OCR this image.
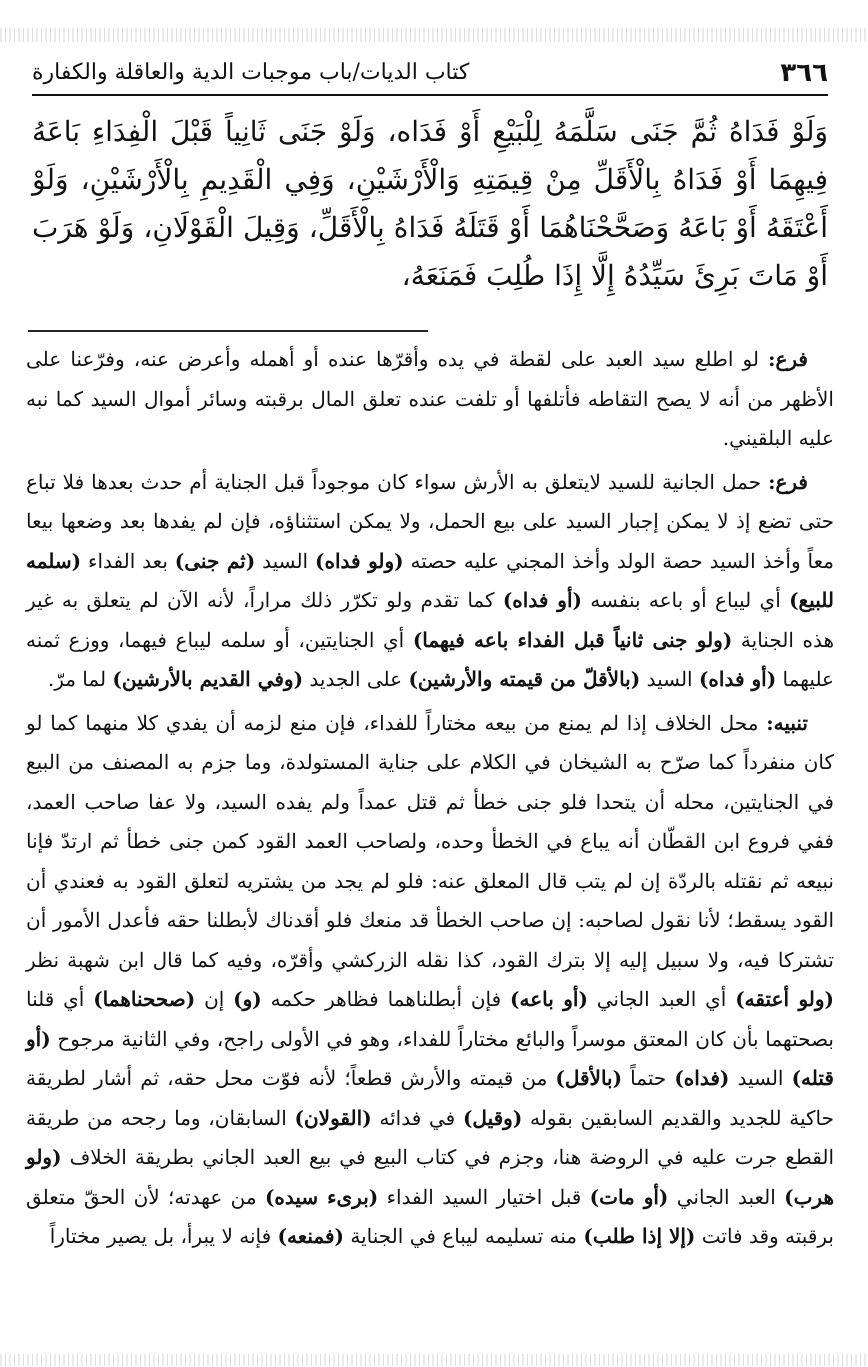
٣٦٦
كتاب الديات/باب موجبات الدية والعاقلة والكفارة
وَلَوْ فَدَاهُ ثُمَّ جَنَى سَلَّمَهُ لِلْبَيْعِ أَوْ فَدَاه، وَلَوْ جَنَى ثَانِياً قَبْلَ الْفِدَاءِ بَاعَهُ فِيهِمَا أَوْ فَدَاهُ بِالْأَقَلِّ مِنْ قِيمَتِهِ وَالْأَرْشَيْنِ، وَفِي الْقَدِيمِ بِالْأَرْشَيْنِ، وَلَوْ أَعْتَقَهُ أَوْ بَاعَهُ وَصَحَّحْنَاهُمَا أَوْ قَتَلَهُ فَدَاهُ بِالْأَقَلِّ، وَقِيلَ الْقَوْلَانِ، وَلَوْ هَرَبَ أَوْ مَاتَ بَرِئَ سَيِّدُهُ إِلَّا إِذَا طُلِبَ فَمَنَعَهُ،

فرع: لو اطلع سيد العبد على لقطة في يده وأقرّها عنده أو أهمله وأعرض عنه، وفرّعنا على الأظهر من أنه لا يصح التقاطه فأتلفها أو تلفت عنده تعلق المال برقبته وسائر أموال السيد كما نبه عليه البلقيني.

فرع: حمل الجانية للسيد لايتعلق به الأرش سواء كان موجوداً قبل الجناية أم حدث بعدها فلا تباع حتى تضع إذ لا يمكن إجبار السيد على بيع الحمل، ولا يمكن استثناؤه، فإن لم يفدها بعد وضعها بيعا معاً وأخذ السيد حصة الولد وأخذ المجني عليه حصته (ولو فداه) السيد (ثم جنى) بعد الفداء (سلمه للبيع) أي ليباع أو باعه بنفسه (أو فداه) كما تقدم ولو تكرّر ذلك مراراً، لأنه الآن لم يتعلق به غير هذه الجناية (ولو جنى ثانياً قبل الفداء باعه فيهما) أي الجنايتين، أو سلمه ليباع فيهما، ووزع ثمنه عليهما (أو فداه) السيد (بالأقلّ من قيمته والأرشين) على الجديد (وفي القديم بالأرشين) لما مرّ.

تنبيه: محل الخلاف إذا لم يمنع من بيعه مختاراً للفداء، فإن منع لزمه أن يفدي كلا منهما كما لو كان منفرداً كما صرّح به الشيخان في الكلام على جناية المستولدة، وما جزم به المصنف من البيع في الجنايتين، محله أن يتحدا فلو جنى خطأ ثم قتل عمداً ولم يفده السيد، ولا عفا صاحب العمد، ففي فروع ابن القطّان أنه يباع في الخطأ وحده، ولصاحب العمد القود كمن جنى خطأ ثم ارتدّ فإنا نبيعه ثم نقتله بالردّة إن لم يتب قال المعلق عنه: فلو لم يجد من يشتريه لتعلق القود به فعندي أن القود يسقط؛ لأنا نقول لصاحبه: إن صاحب الخطأ قد منعك فلو أقدناك لأبطلنا حقه فأعدل الأمور أن تشتركا فيه، ولا سبيل إليه إلا بترك القود، كذا نقله الزركشي وأقرّه، وفيه كما قال ابن شهبة نظر (ولو أعتقه) أي العبد الجاني (أو باعه) فإن أبطلناهما فظاهر حكمه (و) إن (صححناهما) أي قلنا بصحتهما بأن كان المعتق موسراً والبائع مختاراً للفداء، وهو في الأولى راجح، وفي الثانية مرجوح (أو قتله) السيد (فداه) حتماً (بالأقل) من قيمته والأرش قطعاً؛ لأنه فوّت محل حقه، ثم أشار لطريقة حاكية للجديد والقديم السابقين بقوله (وقيل) في فدائه (القولان) السابقان، وما رجحه من طريقة القطع جرت عليه في الروضة هنا، وجزم في كتاب البيع في بيع العبد الجاني بطريقة الخلاف (ولو هرب) العبد الجاني (أو مات) قبل اختيار السيد الفداء (برىء سيده) من عهدته؛ لأن الحقّ متعلق برقبته وقد فاتت (إلا إذا طلب) منه تسليمه ليباع في الجناية (فمنعه) فإنه لا يبرأ، بل يصير مختاراً
